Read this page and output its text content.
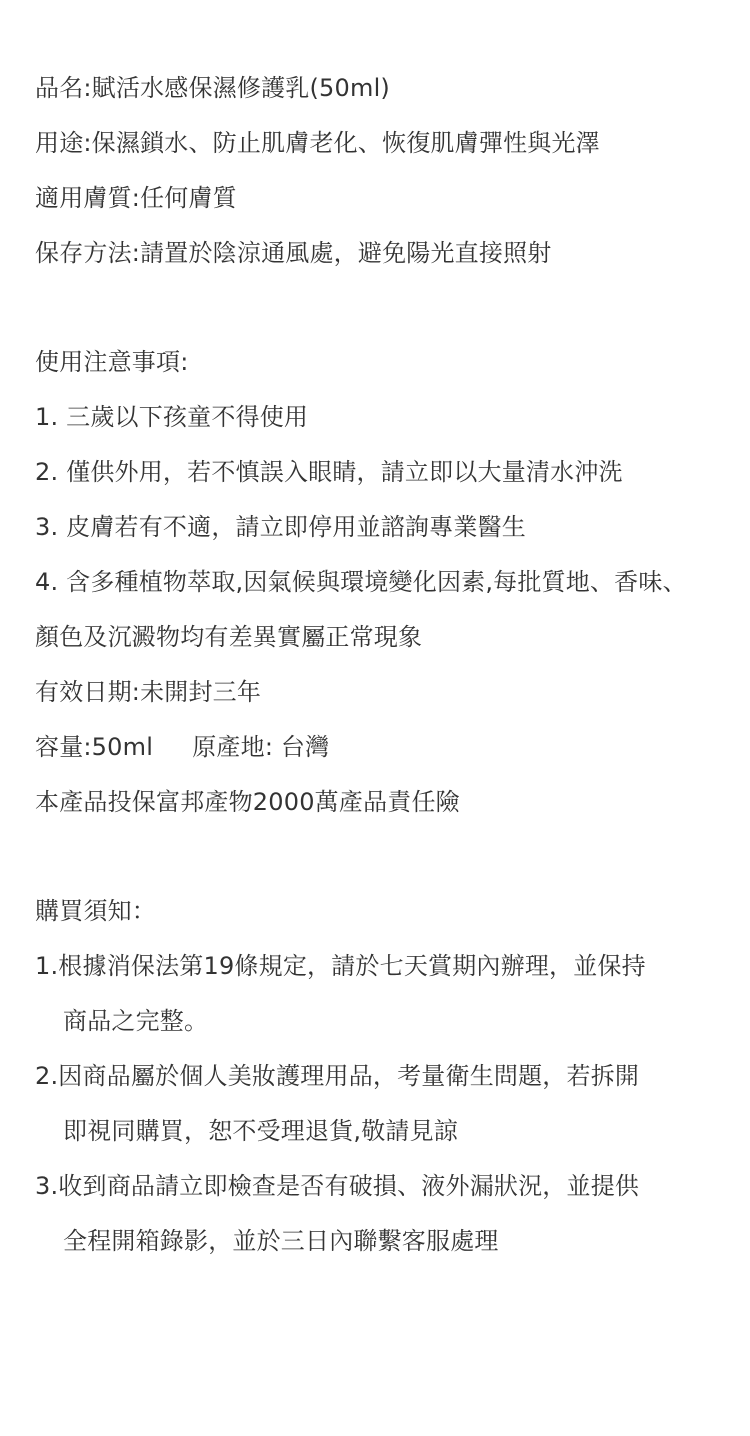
品名:賦活水感保濕修護乳(50ml)
用途:保濕鎖水、防止肌膚老化、恢復肌膚彈性與光澤
適用膚質:任何膚質
保存方法:請置於陰涼通風處，避免陽光直接照射
使用注意事項:
1. 三歲以下孩童不得使用
2. 僅供外用，若不慎誤入眼睛，請立即以大量清水沖洗
3. 皮膚若有不適，請立即停用並諮詢專業醫生
4. 含多種植物萃取,因氣候與環境變化因素,每批質地、香味、
顏色及沉澱物均有差異實屬正常現象
有效日期:未開封三年
容量:50ml     原產地: 台灣
本產品投保富邦產物2000萬產品責任險
購買須知：
1.根據消保法第19條規定，請於七天賞期內辦理，並保持
商品之完整。
2.因商品屬於個人美妝護理用品，考量衛生問題，若拆開
即視同購買，恕不受理退貨,敬請見諒
3.收到商品請立即檢查是否有破損、液外漏狀況，並提供
全程開箱錄影，並於三日內聯繫客服處理
